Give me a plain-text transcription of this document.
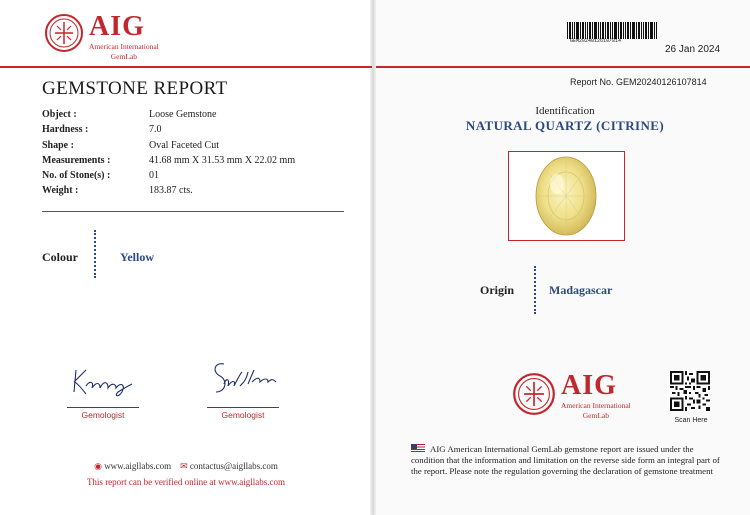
AIG
American International
GemLab
GEMSTONE REPORT
Object :	Loose Gemstone
Hardness :	7.0
Shape :	Oval Faceted Cut
Measurements :	41.68 mm X 31.53 mm X 22.02 mm
No. of Stone(s) :	01
Weight :	183.87 cts.
Colour	Yellow
Gemologist	Gemologist
◉ www.aigllabs.com ✉ contactus@aigllabs.com
This report can be verified online at www.aigllabs.com
GEM2024012610/814
26 Jan 2024
Report No. GEM20240126107814
Identification
NATURAL QUARTZ (CITRINE)
Origin	Madagascar
AIG
American International
GemLab
Scan Here
AIG American International GemLab gemstone report are issued under the condition that the information and limitation on the reverse side form an integral part of the report. Please note the regulation governing the declaration of gemstone treatment
